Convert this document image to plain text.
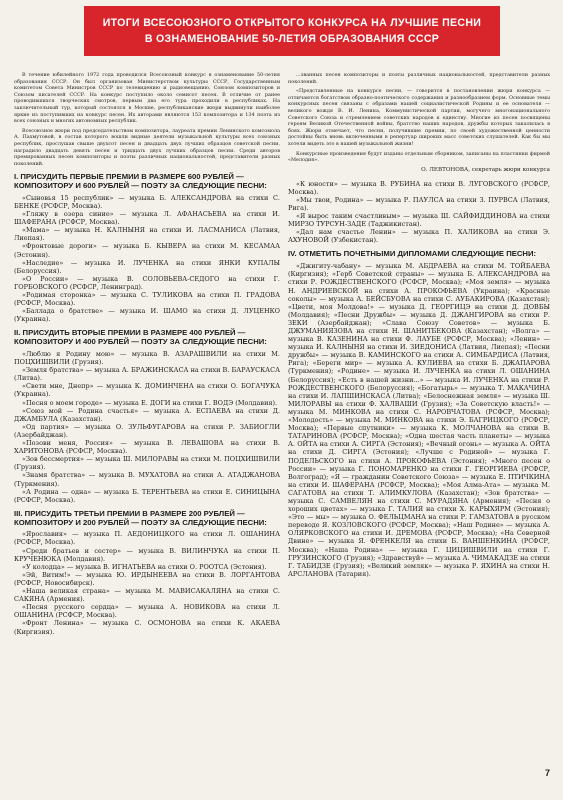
ИТОГИ ВСЕСОЮЗНОГО ОТКРЫТОГО КОНКУРСА НА ЛУЧШИЕ ПЕСНИ
В ОЗНАМЕНОВАНИЕ 50-ЛЕТИЯ ОБРАЗОВАНИЯ СССР

В течение юбилейного 1972 года проводился Всесоюзный конкурс в ознаменование 50-летия образования СССР. Он был организован Министерством культуры СССР, Государственным комитетом Совета Министров СССР по телевидению и радиовещанию, Союзом композиторов и Союзом писателей СССР. На конкурс поступило около семисот песен. В отличие от ранее проводившихся творческих смотров, первым два его тура проходили в республиках. На заключительный тур, который состоялся в Москве, республиканские жюри выдвинули наиболее яркие из поступивших на конкурс песен. Их авторами являются 153 композитора и 134 поэта из всех союзных и многих автономных республик.

Всесоюзное жюри под председательством композитора, лауреата премии Ленинского комсомола А. Пахмутовой, в состав которого вошли видные деятели музыкальной культуры всех союзных республик, прослушав свыше двухсот песен и двадцать двух лучших образцов советской песни, наградило двадцать девять песен и тридцать двух лучших образцов песни. Среди авторов премированных песен композиторы и поэты различных национальностей, представители разных поколений.

I. ПРИСУДИТЬ ПЕРВЫЕ ПРЕМИИ В РАЗМЕРЕ 600 РУБЛЕЙ — КОМПОЗИТОРУ И 600 РУБЛЕЙ — ПОЭТУ ЗА СЛЕДУЮЩИЕ ПЕСНИ:

«Сыновья 15 республик» — музыка Б. АЛЕКСАНДРОВА на стихи С. БЕНКЕ (РСФСР, Москва).

«Гляжу в озера синие» — музыка Л. АФАНАСЬЕВА на стихи И. ШАФЕРАНА (РСФСР, Москва).

«Мама» — музыка Н. КАЛНЫНЯ на стихи И. ЛАСМАНИСА (Латвия, Лиепая).

«Фронтовые дороги» — музыка Б. КЫВЕРА на стихи М. КЕСАМАА (Эстония).

«Наследие» — музыка И. ЛУЧЕНКА на стихи ЯНКИ КУПАЛЫ (Белоруссия).

«О России» — музыка В. СОЛОВЬЕВА-СЕДОГО на стихи Г. ГОРБОВСКОГО (РСФСР, Ленинград).

«Родимая сторонка» — музыка С. ТУЛИКОВА на стихи П. ГРАДОВА (РСФСР, Москва).

«Баллада о братстве» — музыка И. ШАМО на стихи Д. ЛУЦЕНКО (Украина).

II. ПРИСУДИТЬ ВТОРЫЕ ПРЕМИИ В РАЗМЕРЕ 400 РУБЛЕЙ — КОМПОЗИТОРУ И 400 РУБЛЕЙ — ПОЭТУ ЗА СЛЕДУЮЩИЕ ПЕСНИ:

«Люблю я Родину мою» — музыка В. АЗАРАШВИЛИ на стихи М. ПОЦХИШВИЛИ (Грузия).

«Земля братства» — музыка А. БРАЖИНСКАСА на стихи В. БАРАУСКАСА (Литва).

«Свети мне, Днепр» — музыка К. ДОМИНЧЕНА на стихи О. БОГАЧУКА (Украина).

«Песня о моем городе» — музыка Е. ДОГИ на стихи Г. ВОДЭ (Молдавия).

«Союз мой — Родина счастья» — музыка А. ЕСПАЕВА на стихи Д. ДЖАМБУЛА (Казахстан).

«Од партия» — музыка О. ЗУЛЬФУГАРОВА на стихи Р. ЗАБИОГЛИ (Азербайджан).

«Позови меня, Россия» — музыка В. ЛЕВАШОВА на стихи В. ХАРИТОНОВА (РСФСР, Москва).

«Зов бессмертия» — музыка Ш. МИЛОРАВЫ на стихи М. ПОЦХИШВИЛИ (Грузия).

«Знамя братства» — музыка В. МУХАТОВА на стихи А. АТАДЖАНОВА (Туркмения).

«А Родина — одна» — музыка Б. ТЕРЕНТЬЕВА на стихи Е. СИНИЦЫНА (РСФСР, Москва).

III. ПРИСУДИТЬ ТРЕТЬИ ПРЕМИИ В РАЗМЕРЕ 200 РУБЛЕЙ — КОМПОЗИТОРУ И 200 РУБЛЕЙ — ПОЭТУ ЗА СЛЕДУЮЩИЕ ПЕСНИ:

«Ярославия» — музыка П. АЕДОНИЦКОГО на стихи Л. ОШАНИНА (РСФСР, Москва).

«Среди братьев и сестер» — музыка В. ВИЛИНЧУКА на стихи П. КРУЧЕНЮКА (Молдавия).

«У колодца» — музыка В. ИГНАТЬЕВА на стихи О. РООТСА (Эстония).

«Эй, Витим!» — музыка Ю. ИРДЫНЕЕВА на стихи В. ЛОРГАНТОВА (РСФСР, Новосибирск).

«Наша великая страна» — музыка М. МАВИСАКАЛЯНА на стихи С. САКЯНА (Армения).

«Песня русского сердца» — музыка А. НОВИКОВА на стихи Л. ОШАНИНА (РСФСР, Москва).

«Фронт Ленина» — музыка С. ОСМОНОВА на стихи К. АКАЕВА (Киргизия).

...званных песен композиторы и поэты различных национальностей, представители разных поколений.

«Представленные на конкурсе песни, — говорится в постановлении жюри конкурса — отличаются богатством образно-поэтического содержания и разнообразием форм. Основные темы конкурсных песен связаны с образами нашей социалистической Родины и ее основателя — великого вождя В. И. Ленина, Коммунистической партии, могучего многонационального Советского Союза и стремлением советских народов к единству. Многие из песен посвящены героям Великой Отечественной войны, братство наших народов, дружбы которых закалилась в боях. Жюри отмечает, что песни, получившие премии, по своей художественной ценности достойны быть вновь включенными в репертуар широких масс советских слушателей. Как бы мы хотели видеть это в нашей музыкальной жизни!

Конкурсные произведения будут изданы отдельным сборником, записаны на пластинки фирмой «Мелодия».

О. ЛЕВТОНОВА, секретарь жюри конкурса

«К юности» — музыка В. РУБИНА на стихи В. ЛУГОВСКОГО (РСФСР, Москва).

«Мы твои, Родина» — музыка Р. ПАУЛСА на стихи З. ПУРВСА (Латвия, Рига).

«Я вырос таким счастливым» — музыка Ш. САЙФИДДИНОВА на стихи МИРЗО ТУРСУН-ЗАДЕ (Таджикистан).

«Дал нам счастье Ленин» — музыка П. ХАЛИКОВА на стихи Э. АХУНОВОЙ (Узбекистан).

IV. ОТМЕТИТЬ ПОЧЕТНЫМИ ДИПЛОМАМИ СЛЕДУЮЩИЕ ПЕСНИ:

«Джигиту-чабану» — музыка М. АБДРАЕВА на стихи М. ТОЙБАЕВА (Киргизия); «Герб Советской страны» — музыка Б. АЛЕКСАНДРОВА на стихи Р. РОЖДЕСТВЕНСКОГО (РСФСР, Москва); «Моя земля» — музыка Н. АНДРИЕВСКОЙ на стихи А. ПРОКОФЬЕВА (Украина); «Красные соколы» — музыка А. БЕЙСБУОВА на стихи С. АУБАКИРОВА (Казахстан); «Цвети, моя Молдова!» — музыка Д. ГЕОРГИЦЭ на стихи Д. ДОВБЫ (Молдавия); «Песни Дружбы» — музыка Д. ДЖАНГИРОВА на стихи Р. ЗЕКИ (Азербайджан); «Слава Союзу Советов» — музыка Б. ДЖУМАНИЯЗОВА на стихи Н. ШАНИТБЕКОВА (Казахстан); «Волга» — музыка В. КАЗЕНИНА на стихи Ф. ЛАУБЕ (РСФСР, Москва); «Ленин» — музыка И. КАЛНЫНЯ на стихи И. ЗИЕДОНИСА (Латвия, Лиепая); «Песни дружбы» — музыка В. КАМИНСКОГО на стихи А. СИМБАРДИСА (Латвия, Рига); «Береги мир» — музыка А. КУЛИЕВА на стихи Б. ДЖАПАРОВА (Туркмения); «Родине» — музыка И. ЛУЧЕНКА на стихи Л. ОШАНИНА (Белоруссия); «Есть в нашей жизни...» — музыка И. ЛУЧЕНКА на стихи Р. РОЖДЕСТВЕНСКОГО (Белоруссия); «Богатырь» — музыка Т. МАКАЧИНА на стихи И. ЛАПШИНСКАСА (Литва); «Белоснежная земля» — музыка Ш. МИЛОРАВЫ на стихи Ф. ХАЛВАШИ (Грузия); «За Советскую власть!» — музыка М. МИНКОВА на стихи С. НАРОВЧАТОВА (РСФСР, Москва); «Молодость» — музыка М. МИНКОВА на стихи Э. БАГРИЦКОГО (РСФСР, Москва); «Первые спутники» — музыка К. МОЛЧАНОВА на стихи В. ТАТАРИНОВА (РСФСР, Москва); «Одна шестая часть планеты» — музыка А. ОЙТА на стихи А. СИРГА (Эстония); «Вечный огонь» — музыка А. ОЙТА на стихи Д. СИРГА (Эстония); «Лучше с Родиной» — музыка Г. ПОДЕЛЬСКОГО на стихи А. ПРОКОФЬЕВА (Эстония); «Много песен о России» — музыка Г. ПОНОМАРЕНКО на стихи Г. ГЕОРГИЕВА (РСФСР, Волгоград); «Я — гражданин Советского Союза» — музыка Е. ПТИЧКИНА на стихи И. ШАФЕРАНА (РСФСР, Москва); «Моя Алма-Ата» — музыка М. САГАТОВА на стихи Т. АЛИМКУЛОВА (Казахстан); «Зов братства» — музыка С. САМВЕЛЯН на стихи С. МУРАДЯНА (Армения); «Песня о хороших цветах» — музыка Г. ТАЛИЯ на стихи Х. КАРЫХЯРМ (Эстония); «Это — мы» — музыка О. ФЕЛЬЦМАНА на стихи Р. ГАМЗАТОВА в русском переводе Я. КОЗЛОВСКОГО (РСФСР, Москва); «Наш Родине» — музыка А. ОЛЯРКОВСКОГО на стихи И. ДРЕМОВА (РСФСР, Москва); «На Северной Двине» — музыка Я. ФРЕНКЕЛЯ на стихи Б. ВАНШЕНКИНА (РСФСР, Москва); «Наша Родина» — музыка Г. ЦИЦИШВИЛИ на стихи Г. ГРУЗИНСКОГО (Грузия); «Здравствуй» — музыка А. ЧИМАКАДЗЕ на стихи Г. ТАБИДЗЕ (Грузия); «Великий земляк» — музыка Р. ЯХИНА на стихи Н. АРСЛАНОВА (Татария).

7
